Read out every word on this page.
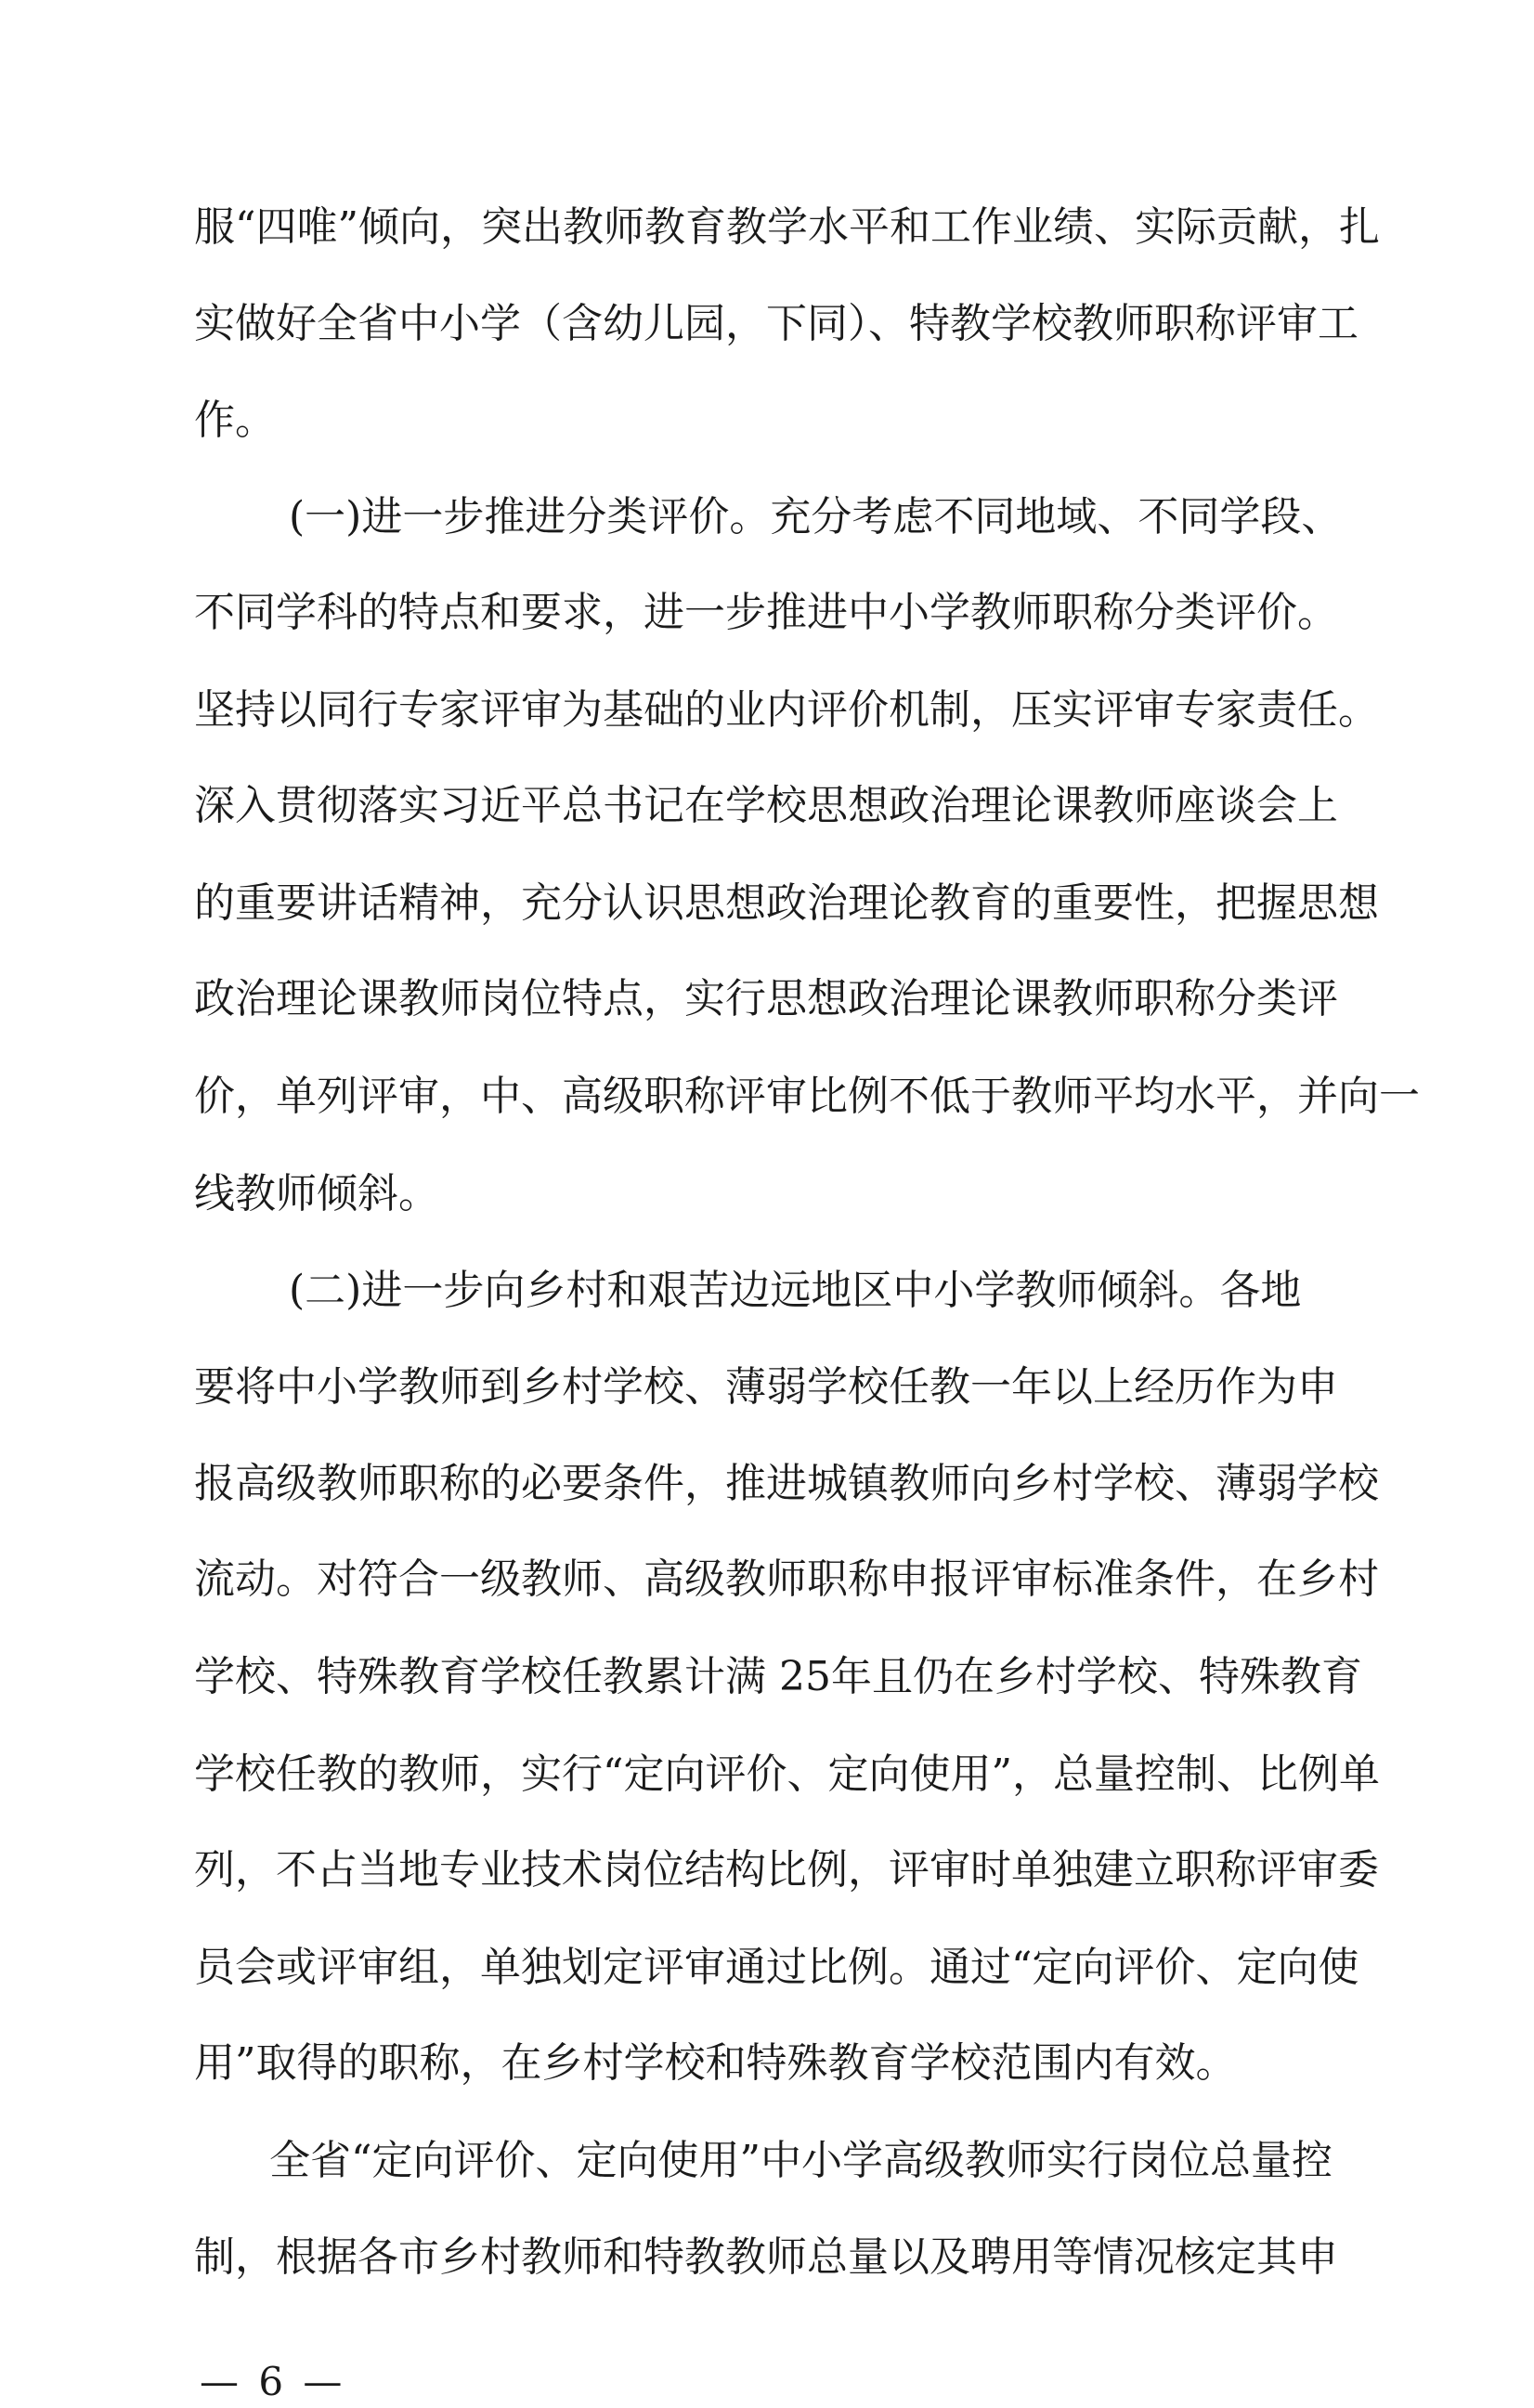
服“四唯”倾向，突出教师教育教学水平和工作业绩、实际贡献，扎
实做好全省中小学（含幼儿园，下同）、特教学校教师职称评审工
作。
(一)进一步推进分类评价。充分考虑不同地域、不同学段、
不同学科的特点和要求，进一步推进中小学教师职称分类评价。
坚持以同行专家评审为基础的业内评价机制，压实评审专家责任。
深入贯彻落实习近平总书记在学校思想政治理论课教师座谈会上
的重要讲话精神，充分认识思想政治理论教育的重要性，把握思想
政治理论课教师岗位特点，实行思想政治理论课教师职称分类评
价，单列评审，中、高级职称评审比例不低于教师平均水平，并向一
线教师倾斜。
(二)进一步向乡村和艰苦边远地区中小学教师倾斜。各地
要将中小学教师到乡村学校、薄弱学校任教一年以上经历作为申
报高级教师职称的必要条件，推进城镇教师向乡村学校、薄弱学校
流动。对符合一级教师、高级教师职称申报评审标准条件，在乡村
学校、特殊教育学校任教累计满 25年且仍在乡村学校、特殊教育
学校任教的教师，实行“定向评价、定向使用”，总量控制、比例单
列，不占当地专业技术岗位结构比例，评审时单独建立职称评审委
员会或评审组，单独划定评审通过比例。通过“定向评价、定向使
用”取得的职称，在乡村学校和特殊教育学校范围内有效。
全省“定向评价、定向使用”中小学高级教师实行岗位总量控
制，根据各市乡村教师和特教教师总量以及聘用等情况核定其申
— 6 —
